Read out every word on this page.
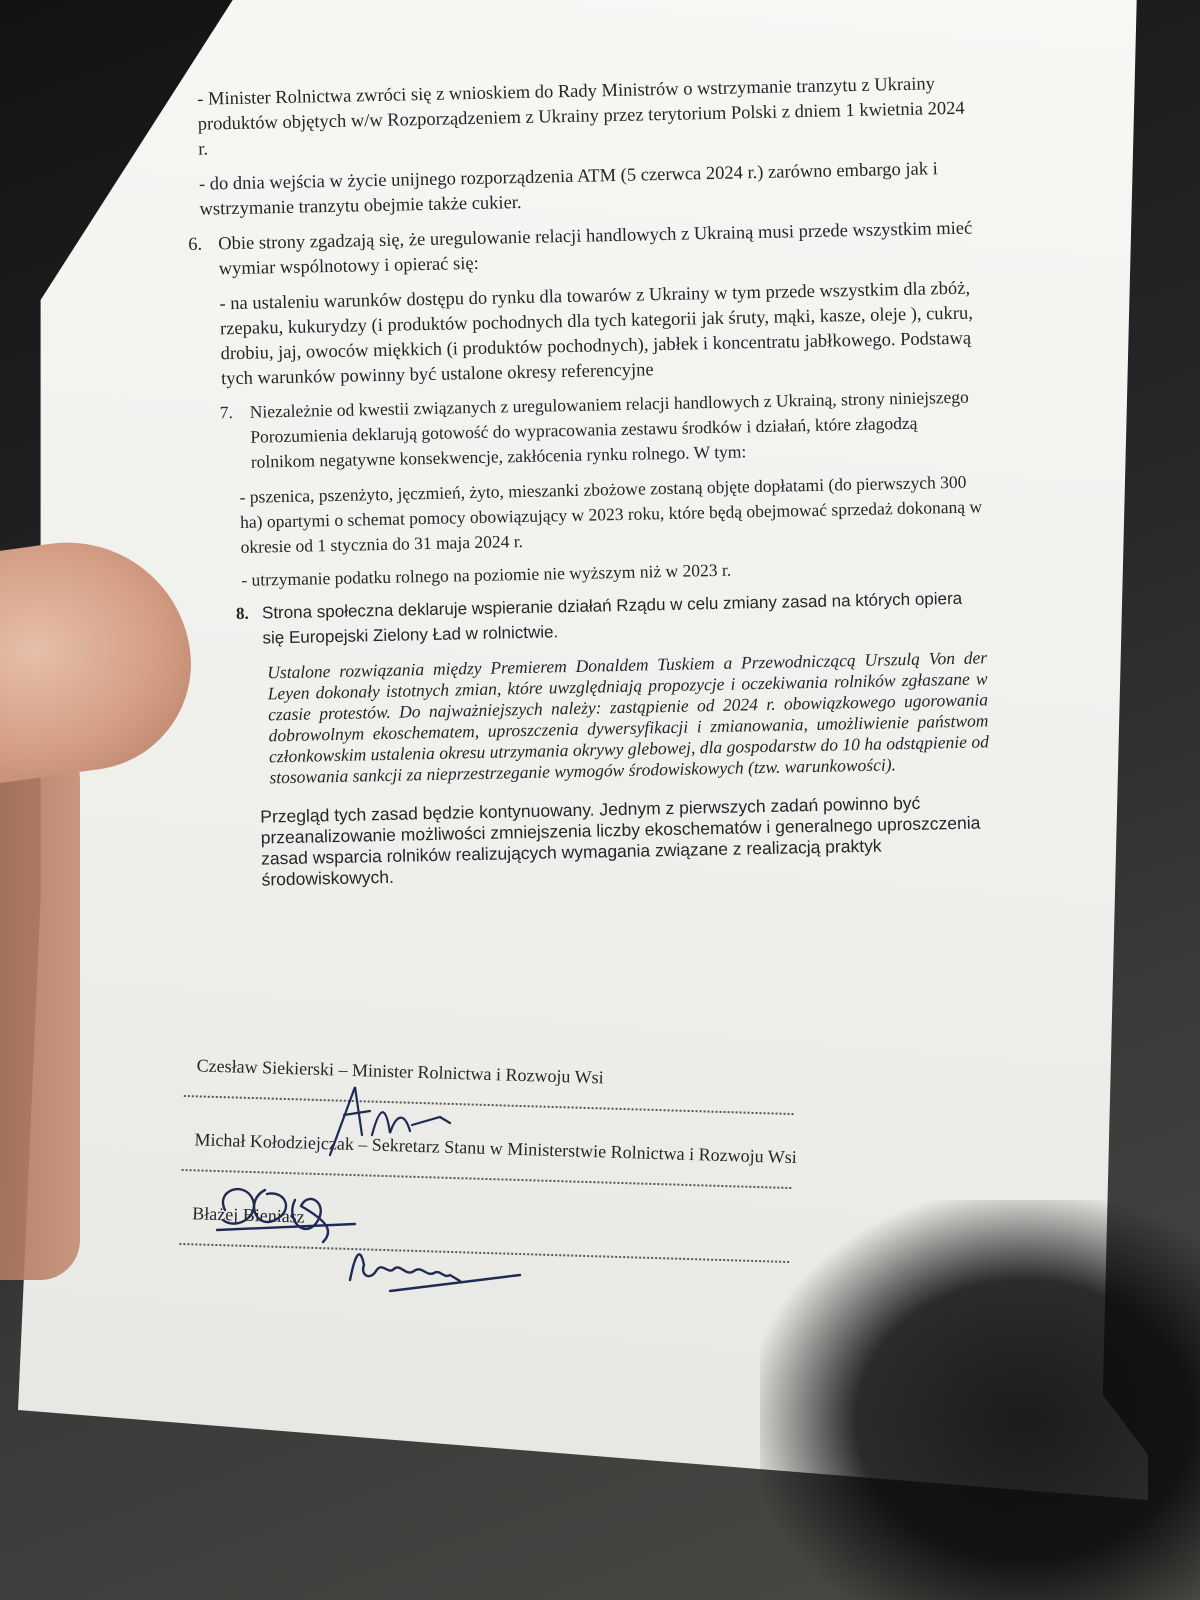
- Minister Rolnictwa zwróci się z wnioskiem do Rady Ministrów o wstrzymanie tranzytu z Ukrainy produktów objętych w/w Rozporządzeniem z Ukrainy przez terytorium Polski z dniem 1 kwietnia 2024 r.
- do dnia wejścia w życie unijnego rozporządzenia ATM (5 czerwca 2024 r.) zarówno embargo jak i wstrzymanie tranzytu obejmie także cukier.
6. Obie strony zgadzają się, że uregulowanie relacji handlowych z Ukrainą musi przede wszystkim mieć wymiar wspólnotowy i opierać się:
- na ustaleniu warunków dostępu do rynku dla towarów z Ukrainy w tym przede wszystkim dla zbóż, rzepaku, kukurydzy (i produktów pochodnych dla tych kategorii jak śruty, mąki, kasze, oleje ), cukru, drobiu, jaj, owoców miękkich (i produktów pochodnych), jabłek i koncentratu jabłkowego. Podstawą tych warunków powinny być ustalone okresy referencyjne
7. Niezależnie od kwestii związanych z uregulowaniem relacji handlowych z Ukrainą, strony niniejszego Porozumienia deklarują gotowość do wypracowania zestawu środków i działań, które złagodzą rolnikom negatywne konsekwencje, zakłócenia rynku rolnego. W tym:
- pszenica, pszenżyto, jęczmień, żyto, mieszanki zbożowe zostaną objęte dopłatami (do pierwszych 300 ha) opartymi o schemat pomocy obowiązujący w 2023 roku, które będą obejmować sprzedaż dokonaną w okresie od 1 stycznia do 31 maja 2024 r.
- utrzymanie podatku rolnego na poziomie nie wyższym niż w 2023 r.
8. Strona społeczna deklaruje wspieranie działań Rządu w celu zmiany zasad na których opiera się Europejski Zielony Ład w rolnictwie.
Ustalone rozwiązania między Premierem Donaldem Tuskiem a Przewodniczącą Urszulą Von der Leyen dokonały istotnych zmian, które uwzględniają propozycje i oczekiwania rolników zgłaszane w czasie protestów. Do najważniejszych należy: zastąpienie od 2024 r. obowiązkowego ugorowania dobrowolnym ekoschematem, uproszczenia dywersyfikacji i zmianowania, umożliwienie państwom członkowskim ustalenia okresu utrzymania okrywy glebowej, dla gospodarstw do 10 ha odstąpienie od stosowania sankcji za nieprzestrzeganie wymogów środowiskowych (tzw. warunkowości).
Przegląd tych zasad będzie kontynuowany. Jednym z pierwszych zadań powinno być przeanalizowanie możliwości zmniejszenia liczby ekoschematów i generalnego uproszczenia zasad wsparcia rolników realizujących wymagania związane z realizacją praktyk środowiskowych.
Czesław Siekierski – Minister Rolnictwa i Rozwoju Wsi
Michał Kołodziejczak – Sekretarz Stanu w Ministerstwie Rolnictwa i Rozwoju Wsi
Błażej Bieniasz
